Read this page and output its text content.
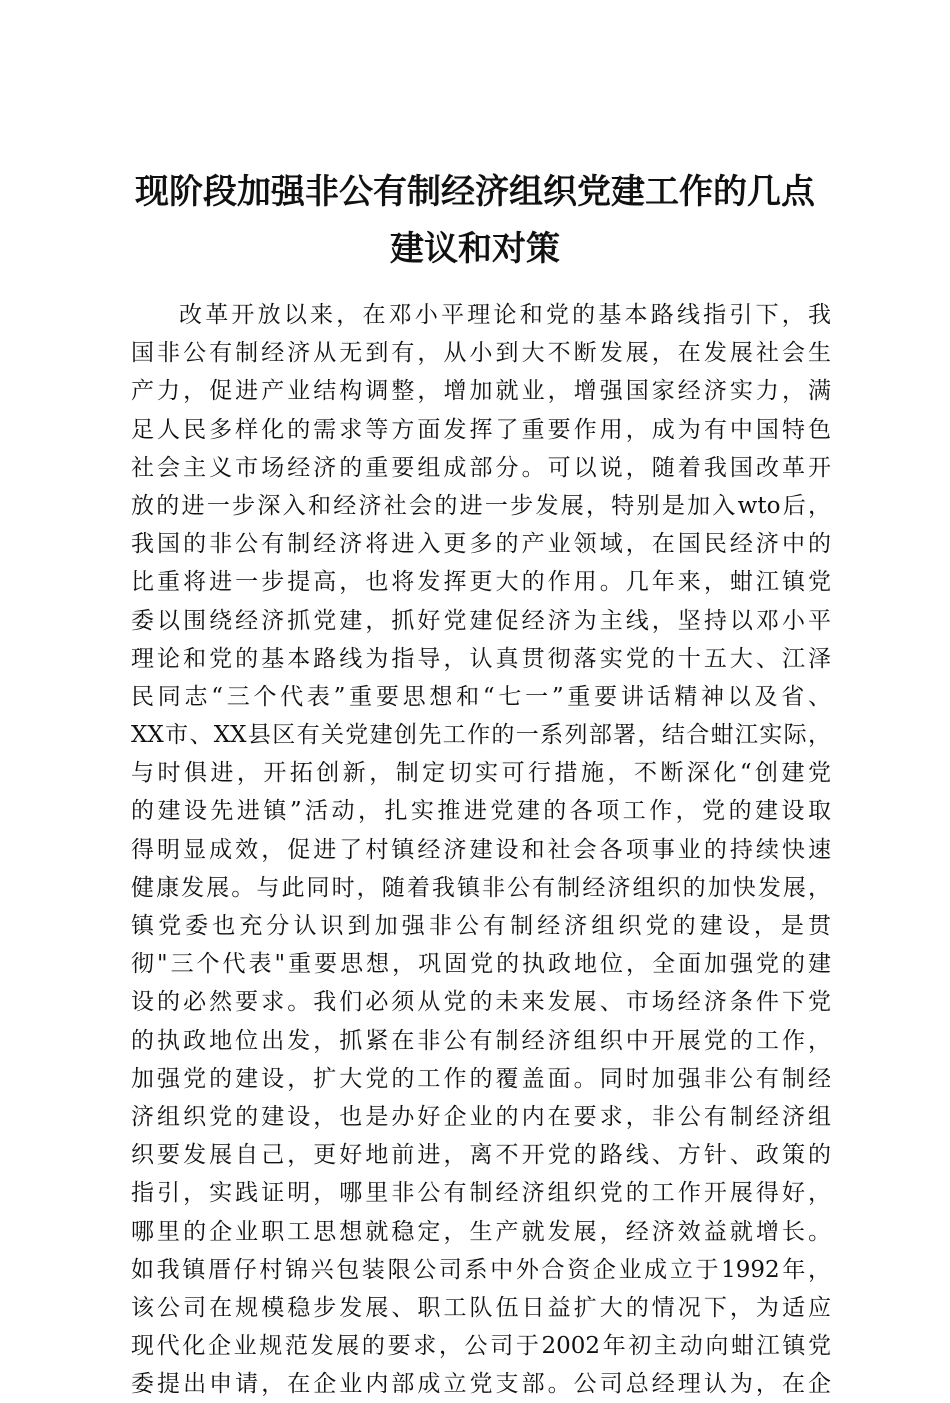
现阶段加强非公有制经济组织党建工作的几点
建议和对策
改革开放以来，在邓小平理论和党的基本路线指引下，我
国非公有制经济从无到有，从小到大不断发展，在发展社会生
产力，促进产业结构调整，增加就业，增强国家经济实力，满
足人民多样化的需求等方面发挥了重要作用，成为有中国特色
社会主义市场经济的重要组成部分。可以说，随着我国改革开
放的进一步深入和经济社会的进一步发展，特别是加入wto后，
我国的非公有制经济将进入更多的产业领域，在国民经济中的
比重将进一步提高，也将发挥更大的作用。几年来，蚶江镇党
委以围绕经济抓党建，抓好党建促经济为主线，坚持以邓小平
理论和党的基本路线为指导，认真贯彻落实党的十五大、江泽
民同志“三个代表”重要思想和“七一”重要讲话精神以及省、
XX市、XX县区有关党建创先工作的一系列部署，结合蚶江实际，
与时俱进，开拓创新，制定切实可行措施，不断深化“创建党
的建设先进镇”活动，扎实推进党建的各项工作，党的建设取
得明显成效，促进了村镇经济建设和社会各项事业的持续快速
健康发展。与此同时，随着我镇非公有制经济组织的加快发展，
镇党委也充分认识到加强非公有制经济组织党的建设，是贯
彻"三个代表"重要思想，巩固党的执政地位，全面加强党的建
设的必然要求。我们必须从党的未来发展、市场经济条件下党
的执政地位出发，抓紧在非公有制经济组织中开展党的工作，
加强党的建设，扩大党的工作的覆盖面。同时加强非公有制经
济组织党的建设，也是办好企业的内在要求，非公有制经济组
织要发展自己，更好地前进，离不开党的路线、方针、政策的
指引，实践证明，哪里非公有制经济组织党的工作开展得好，
哪里的企业职工思想就稳定，生产就发展，经济效益就增长。
如我镇厝仔村锦兴包装限公司系中外合资企业成立于1992年，
该公司在规模稳步发展、职工队伍日益扩大的情况下，为适应
现代化企业规范发展的要求，公司于2002年初主动向蚶江镇党
委提出申请，在企业内部成立党支部。公司总经理认为，在企
